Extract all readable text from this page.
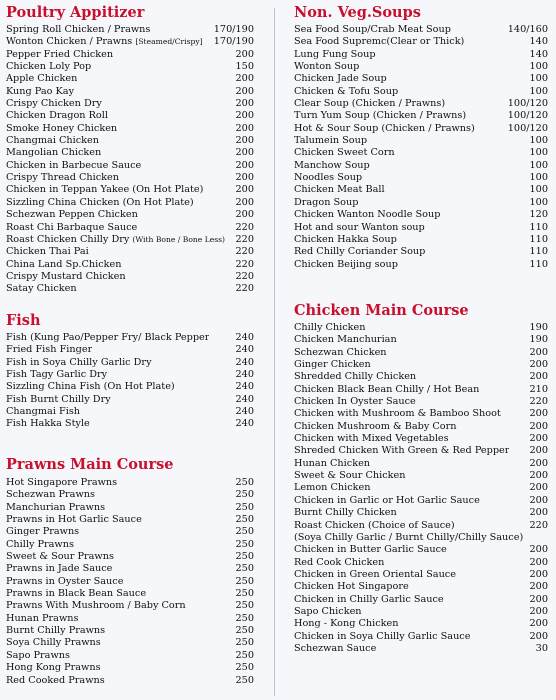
Poultry Appitizer
Spring Roll Chicken / Prawns	170/190
Wonton Chicken / Prawns [Steamed/Crispy]	170/190
Pepper Fried Chicken	200
Chicken Loly Pop	150
Apple Chicken	200
Kung Pao Kay	200
Crispy Chicken Dry	200
Chicken Dragon Roll	200
Smoke Honey Chicken	200
Changmai Chicken	200
Mangolian Chicken	200
Chicken in Barbecue Sauce	200
Crispy Thread Chicken	200
Chicken in Teppan Yakee (On Hot Plate)	200
Sizzling China Chicken (On Hot Plate)	200
Schezwan Peppen Chicken	200
Roast Chi Barbaque Sauce	220
Roast Chicken Chilly Dry (With Bone / Bone Less)	220
Chicken Thai Pai	220
China Land Sp.Chicken	220
Crispy Mustard Chicken	220
Satay Chicken	220
Fish
Fish (Kung Pao/Pepper Fry/ Black Pepper	240
Fried Fish Finger	240
Fish in Soya Chilly Garlic Dry	240
Fish Tagy Garlic Dry	240
Sizzling China Fish (On Hot Plate)	240
Fish Burnt Chilly Dry	240
Changmai Fish	240
Fish Hakka Style	240
Prawns Main Course
Hot Singapore Prawns	250
Schezwan Prawns	250
Manchurian Prawns	250
Prawns in Hot Garlic Sauce	250
Ginger Prawns	250
Chilly Prawns	250
Sweet & Sour Prawns	250
Prawns in Jade Sauce	250
Prawns in Oyster Sauce	250
Prawns in Black Bean Sauce	250
Prawns With Mushroom / Baby Corn	250
Hunan Prawns	250
Burnt Chilly Prawns	250
Soya Chilly Prawns	250
Sapo Prawns	250
Hong Kong Prawns	250
Red Cooked Prawns	250
Non. Veg.Soups
Sea Food Soup/Crab Meat Soup	140/160
Sea Food Supremc(Clear or Thick)	140
Lung Fung Soup	140
Wonton Soup	100
Chicken Jade Soup	100
Chicken & Tofu Soup	100
Clear Soup (Chicken / Prawns)	100/120
Turn Yum Soup (Chicken / Prawns)	100/120
Hot & Sour Soup (Chicken / Prawns)	100/120
Talumein Soup	100
Chicken Sweet Corn	100
Manchow Soup	100
Noodles Soup	100
Chicken Meat Ball	100
Dragon Soup	100
Chicken Wanton Noodle Soup	120
Hot and sour Wanton soup	110
Chicken Hakka Soup	110
Red Chilly Coriander Soup	110
Chicken Beijing soup	110
Chicken Main Course
Chilly Chicken	190
Chicken Manchurian	190
Schezwan Chicken	200
Ginger Chicken	200
Shredded Chilly Chicken	200
Chicken Black Bean Chilly / Hot Bean	210
Chicken In Oyster Sauce	220
Chicken with Mushroom & Bamboo Shoot	200
Chicken Mushroom & Baby Corn	200
Chicken with Mixed Vegetables	200
Shreded Chicken With Green & Red Pepper	200
Hunan Chicken	200
Sweet & Sour Chicken	200
Lemon Chicken	200
Chicken in Garlic or Hot Garlic Sauce	200
Burnt Chilly Chicken	200
Roast Chicken (Choice of Sauce)	220
(Soya Chilly Garlic / Burnt Chilly/Chilly Sauce)
Chicken in Butter Garlic Sauce	200
Red Cook Chicken	200
Chicken in Green Oriental Sauce	200
Chicken Hot Singapore	200
Chicken in Chilly Garlic Sauce	200
Sapo Chicken	200
Hong - Kong Chicken	200
Chicken in Soya Chilly Garlic Sauce	200
Schezwan Sauce	30
